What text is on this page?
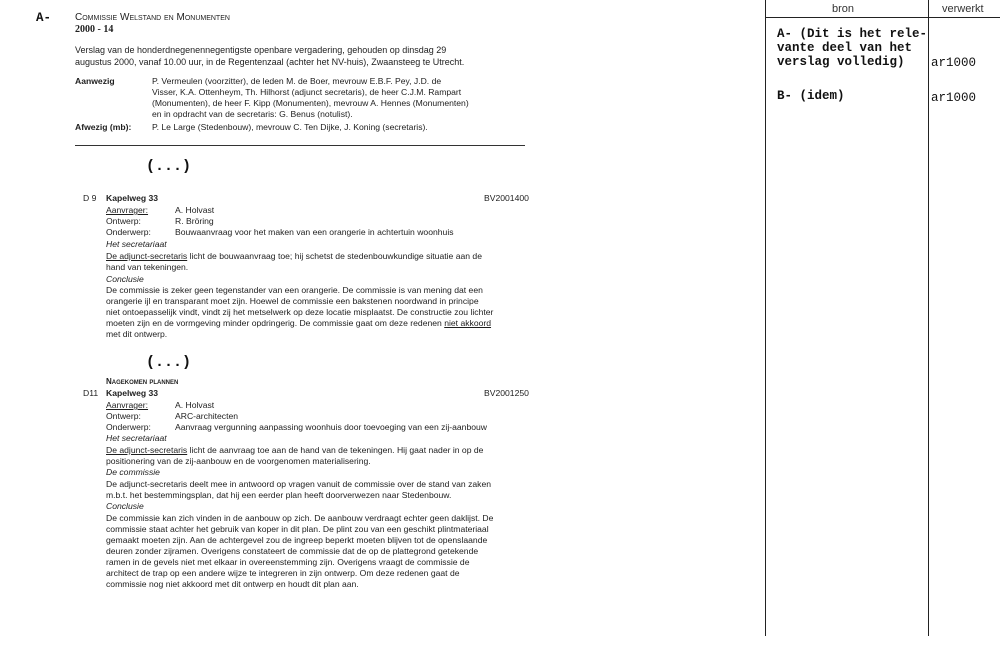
A- Commissie Welstand en Monumenten
2000 - 14
Verslag van de honderdnegenennegentigste openbare vergadering, gehouden op dinsdag 29
augustus 2000, vanaf 10.00 uur, in de Regentenzaal (achter het NV-huis), Zwaansteeg te Utrecht.
Aanwezig	P. Vermeulen (voorzitter), de leden M. de Boer, mevrouw E.B.F. Pey, J.D. de
Visser, K.A. Ottenheym, Th. Hilhorst (adjunct secretaris), de heer C.J.M. Rampart
(Monumenten), de heer F. Kipp (Monumenten), mevrouw A. Hennes (Monumenten)
en in opdracht van de secretaris: G. Benus (notulist).
Afwezig (mb): P. Le Large (Stedenbouw), mevrouw C. Ten Dijke, J. Koning (secretaris).
(...)
D 9 Kapelweg 33	BV2001400
Aanvrager:	A. Holvast
Ontwerp:	R. Bröring
Onderwerp:	Bouwaanvraag voor het maken van een orangerie in achtertuin woonhuis
Het secretariaat
De adjunct-secretaris licht de bouwaanvraag toe; hij schetst de stedenbouwkundige situatie aan de
hand van tekeningen.
Conclusie
De commissie is zeker geen tegenstander van een orangerie. De commissie is van mening dat een
orangerie ijl en transparant moet zijn. Hoewel de commissie een bakstenen noordwand in principe
niet ontoepasselijk vindt, vindt zij het metselwerk op deze locatie misplaatst. De constructie zou lichter
moeten zijn en de vormgeving minder opdringerig. De commissie gaat om deze redenen niet akkoord
met dit ontwerp.
(...)
Nagekomen plannen
D11 Kapelweg 33	BV2001250
Aanvrager:	A. Holvast
Ontwerp:	ARC-architecten
Onderwerp:	Aanvraag vergunning aanpassing woonhuis door toevoeging van een zij-aanbouw
Het secretariaat
De adjunct-secretaris licht de aanvraag toe aan de hand van de tekeningen. Hij gaat nader in op de
positionering van de zij-aanbouw en de voorgenomen materialisering.
De commissie
De adjunct-secretaris deelt mee in antwoord op vragen vanuit de commissie over de stand van zaken
m.b.t. het bestemmingsplan, dat hij een eerder plan heeft doorverwezen naar Stedenbouw.
Conclusie
De commissie kan zich vinden in de aanbouw op zich. De aanbouw verdraagt echter geen daklijst. De
commissie staat achter het gebruik van koper in dit plan. De plint zou van een geschikt plintmateriaal
gemaakt moeten zijn. Aan de achtergevel zou de ingreep beperkt moeten blijven tot de openslaande
deuren zonder zijramen. Overigens constateert de commissie dat de op de plattegrond getekende
ramen in de gevels niet met elkaar in overeenstemming zijn. Overigens vraagt de commissie de
architect de trap op een andere wijze te integreren in zijn ontwerp. Om deze redenen gaat de
commissie nog niet akkoord met dit ontwerp en houdt dit plan aan.
bron	verwerkt
A- (Dit is het rele-
vante deel van het
verslag volledig) ar1000
B- (idem)	ar1000
